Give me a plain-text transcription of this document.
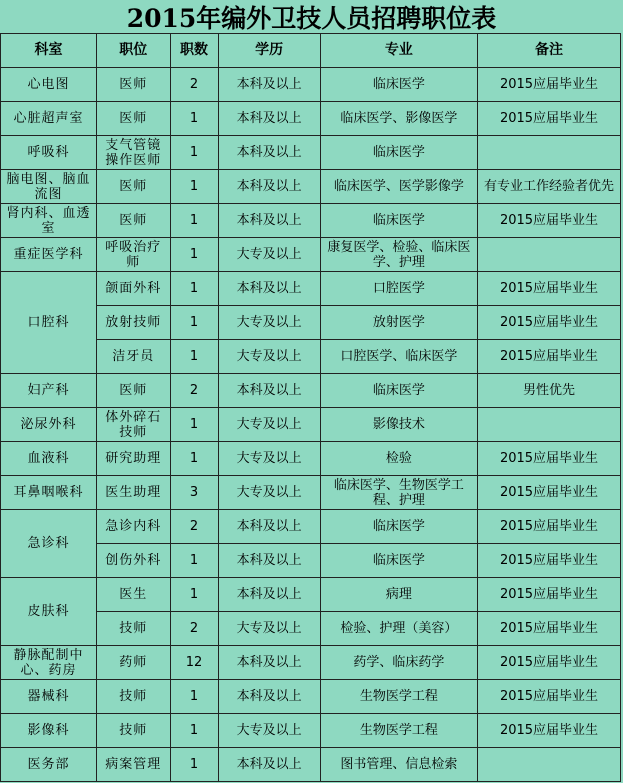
2015年编外卫技人员招聘职位表
科室	职位	职数	学历	专业	备注
心电图	医师	2	本科及以上	临床医学	2015应届毕业生
心脏超声室	医师	1	本科及以上	临床医学、影像医学	2015应届毕业生
呼吸科	支气管镜操作医师	1	本科及以上	临床医学	
脑电图、脑血流图	医师	1	本科及以上	临床医学、医学影像学	有专业工作经验者优先
肾内科、血透室	医师	1	本科及以上	临床医学	2015应届毕业生
重症医学科	呼吸治疗师	1	大专及以上	康复医学、检验、临床医学、护理	
口腔科	颌面外科	1	本科及以上	口腔医学	2015应届毕业生
	放射技师	1	大专及以上	放射医学	2015应届毕业生
	洁牙员	1	大专及以上	口腔医学、临床医学	2015应届毕业生
妇产科	医师	2	本科及以上	临床医学	男性优先
泌尿外科	体外碎石技师	1	大专及以上	影像技术	
血液科	研究助理	1	大专及以上	检验	2015应届毕业生
耳鼻咽喉科	医生助理	3	大专及以上	临床医学、生物医学工程、护理	2015应届毕业生
急诊科	急诊内科	2	本科及以上	临床医学	2015应届毕业生
	创伤外科	1	本科及以上	临床医学	2015应届毕业生
皮肤科	医生	1	本科及以上	病理	2015应届毕业生
	技师	2	大专及以上	检验、护理（美容）	2015应届毕业生
静脉配制中心、药房	药师	12	本科及以上	药学、临床药学	2015应届毕业生
器械科	技师	1	本科及以上	生物医学工程	2015应届毕业生
影像科	技师	1	大专及以上	生物医学工程	2015应届毕业生
医务部	病案管理	1	本科及以上	图书管理、信息检索	
